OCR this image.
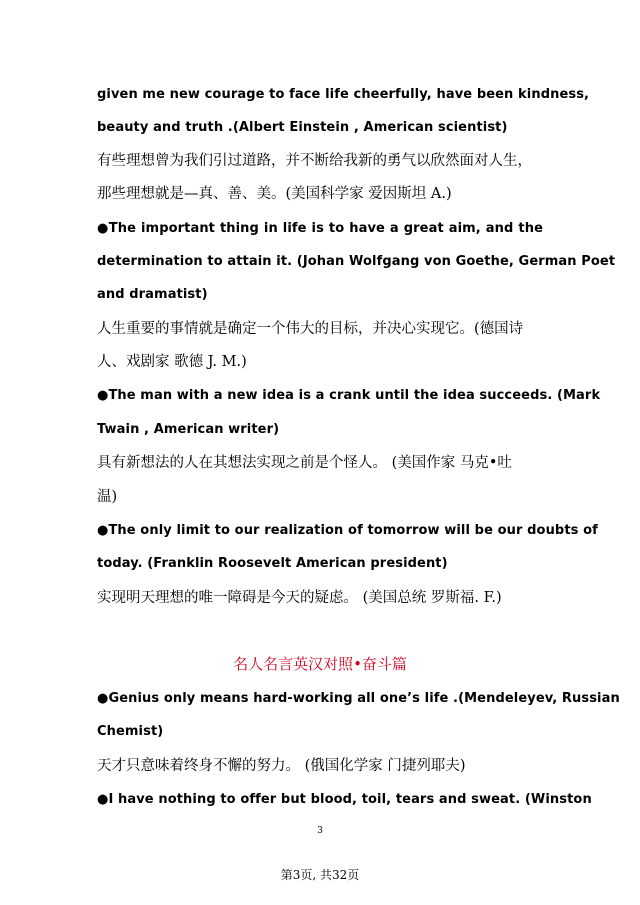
given me new courage to face life cheerfully, have been kindness,
beauty and truth .(Albert Einstein , American scientist)
有些理想曾为我们引过道路，并不断给我新的勇气以欣然面对人生，
那些理想就是—真、善、美。(美国科学家 爱因斯坦 A.)
●The important thing in life is to have a great aim, and the
determination to attain it. (Johan Wolfgang von Goethe, German Poet
and dramatist)
人生重要的事情就是确定一个伟大的目标，并决心实现它。(德国诗
人、戏剧家 歌德 J. M.)
●The man with a new idea is a crank until the idea succeeds. (Mark
Twain , American writer)
具有新想法的人在其想法实现之前是个怪人。 (美国作家 马克•吐
温)
●The only limit to our realization of tomorrow will be our doubts of
today. (Franklin Roosevelt American president)
实现明天理想的唯一障碍是今天的疑虑。 (美国总统 罗斯福. F.)
名人名言英汉对照•奋斗篇
●Genius only means hard-working all one’s life .(Mendeleyev, Russian
Chemist)
天才只意味着终身不懈的努力。 (俄国化学家 门捷列耶夫)
●I have nothing to offer but blood, toil, tears and sweat. (Winston
3
第3页, 共32页
